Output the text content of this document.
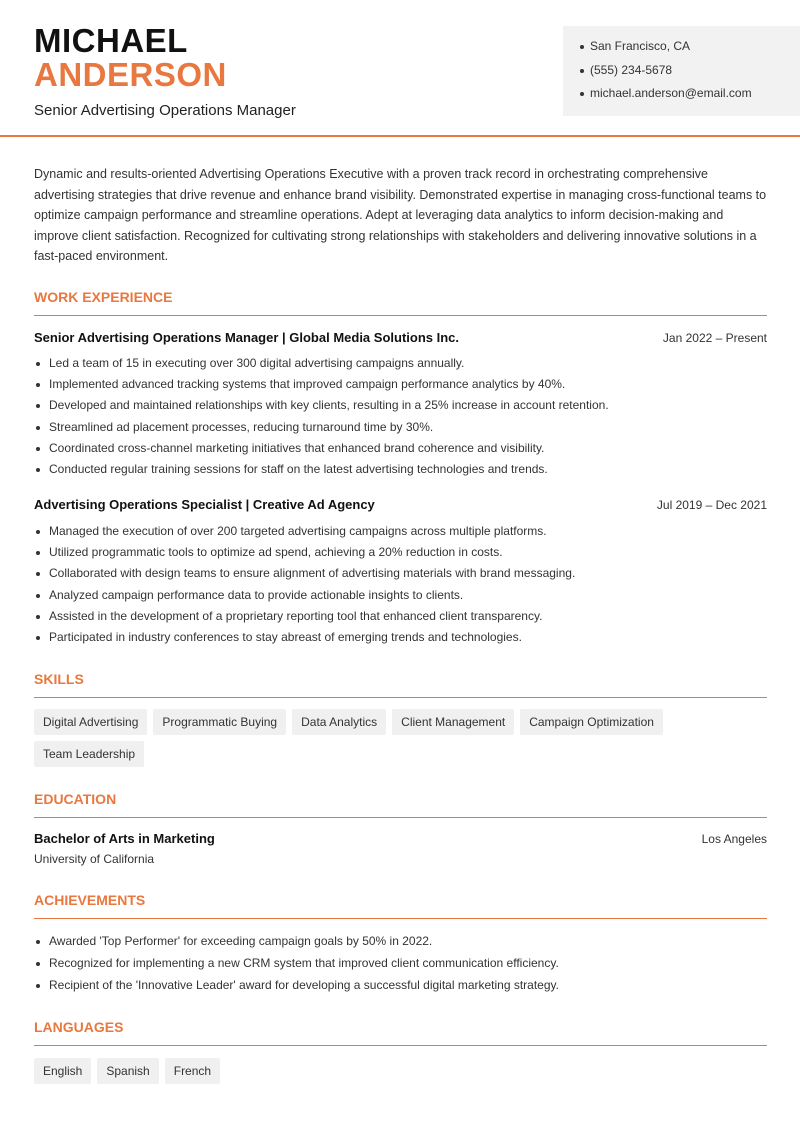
MICHAEL
ANDERSON
Senior Advertising Operations Manager
San Francisco, CA
(555) 234-5678
michael.anderson@email.com

Dynamic and results-oriented Advertising Operations Executive with a proven track record in orchestrating comprehensive advertising strategies that drive revenue and enhance brand visibility. Demonstrated expertise in managing cross-functional teams to optimize campaign performance and streamline operations. Adept at leveraging data analytics to inform decision-making and improve client satisfaction. Recognized for cultivating strong relationships with stakeholders and delivering innovative solutions in a fast-paced environment.

WORK EXPERIENCE
Senior Advertising Operations Manager | Global Media Solutions Inc.	Jan 2022 – Present
Led a team of 15 in executing over 300 digital advertising campaigns annually.
Implemented advanced tracking systems that improved campaign performance analytics by 40%.
Developed and maintained relationships with key clients, resulting in a 25% increase in account retention.
Streamlined ad placement processes, reducing turnaround time by 30%.
Coordinated cross-channel marketing initiatives that enhanced brand coherence and visibility.
Conducted regular training sessions for staff on the latest advertising technologies and trends.
Advertising Operations Specialist | Creative Ad Agency	Jul 2019 – Dec 2021
Managed the execution of over 200 targeted advertising campaigns across multiple platforms.
Utilized programmatic tools to optimize ad spend, achieving a 20% reduction in costs.
Collaborated with design teams to ensure alignment of advertising materials with brand messaging.
Analyzed campaign performance data to provide actionable insights to clients.
Assisted in the development of a proprietary reporting tool that enhanced client transparency.
Participated in industry conferences to stay abreast of emerging trends and technologies.
SKILLS
Digital Advertising	Programmatic Buying	Data Analytics	Client Management	Campaign Optimization
Team Leadership
EDUCATION
Bachelor of Arts in Marketing	Los Angeles
University of California
ACHIEVEMENTS
Awarded 'Top Performer' for exceeding campaign goals by 50% in 2022.
Recognized for implementing a new CRM system that improved client communication efficiency.
Recipient of the 'Innovative Leader' award for developing a successful digital marketing strategy.
LANGUAGES
English	Spanish	French
